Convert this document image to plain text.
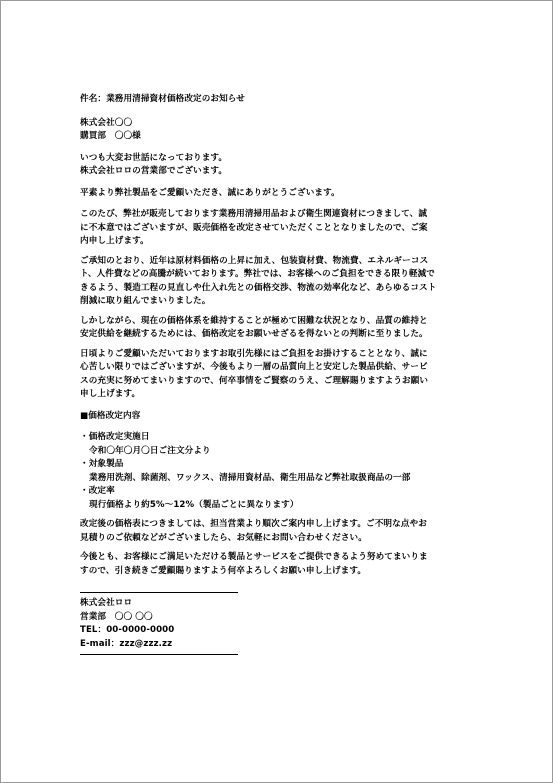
件名：業務用清掃資材価格改定のお知らせ
株式会社〇〇
購買部　〇〇様
いつも大変お世話になっております。
株式会社ロロの営業部でございます。
平素より弊社製品をご愛顧いただき、誠にありがとうございます。
このたび、弊社が販売しております業務用清掃用品および衛生関連資材につきまして、誠
に不本意ではございますが、販売価格を改定させていただくこととなりましたので、ご案
内申し上げます。
ご承知のとおり、近年は原材料価格の上昇に加え、包装資材費、物流費、エネルギーコス
ト、人件費などの高騰が続いております。弊社では、お客様へのご負担をできる限り軽減で
きるよう、製造工程の見直しや仕入れ先との価格交渉、物流の効率化など、あらゆるコスト
削減に取り組んでまいりました。
しかしながら、現在の価格体系を維持することが極めて困難な状況となり、品質の維持と
安定供給を継続するためには、価格改定をお願いせざるを得ないとの判断に至りました。
日頃よりご愛顧いただいておりますお取引先様にはご負担をお掛けすることとなり、誠に
心苦しい限りではございますが、今後もより一層の品質向上と安定した製品供給、サービ
スの充実に努めてまいりますので、何卒事情をご賢察のうえ、ご理解賜りますようお願い
申し上げます。
■価格改定内容
・価格改定実施日
令和〇年〇月〇日ご注文分より
・対象製品
業務用洗剤、除菌剤、ワックス、清掃用資材品、衛生用品など弊社取扱商品の一部
・改定率
現行価格より約5%～12%（製品ごとに異なります）
改定後の価格表につきましては、担当営業より順次ご案内申し上げます。ご不明な点やお
見積りのご依頼などがございましたら、お気軽にお問い合わせください。
今後とも、お客様にご満足いただける製品とサービスをご提供できるよう努めてまいりま
すので、引き続きご愛顧賜りますよう何卒よろしくお願い申し上げます。
株式会社ロロ
営業部　〇〇 〇〇
TEL：00-0000-0000
E-mail：zzz@zzz.zz
